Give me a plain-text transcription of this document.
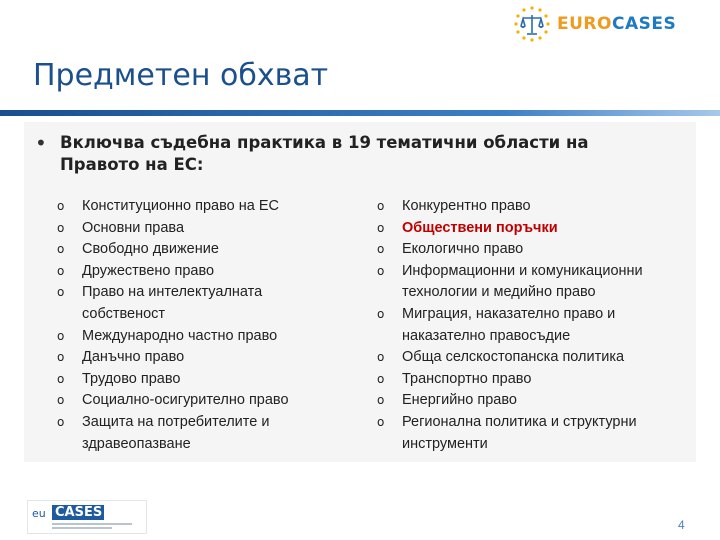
EUROCASES
Предметен обхват
• Включва съдебна практика в 19 тематични области на Правото на ЕС:
o Конституционно право на ЕС
o Основни права
o Свободно движение
o Дружествено право
o Право на интелектуалната собственост
o Международно частно право
o Данъчно право
o Трудово право
o Социално-осигурително право
o Защита на потребителите и здравеопазване
o Конкурентно право
o Обществени поръчки
o Екологично право
o Информационни и комуникационни технологии и медийно право
o Миграция, наказателно право и наказателно правосъдие
o Обща селскостопанска политика
o Транспортно право
o Енергийно право
o Регионална политика и структурни инструменти
eu CASES
4
